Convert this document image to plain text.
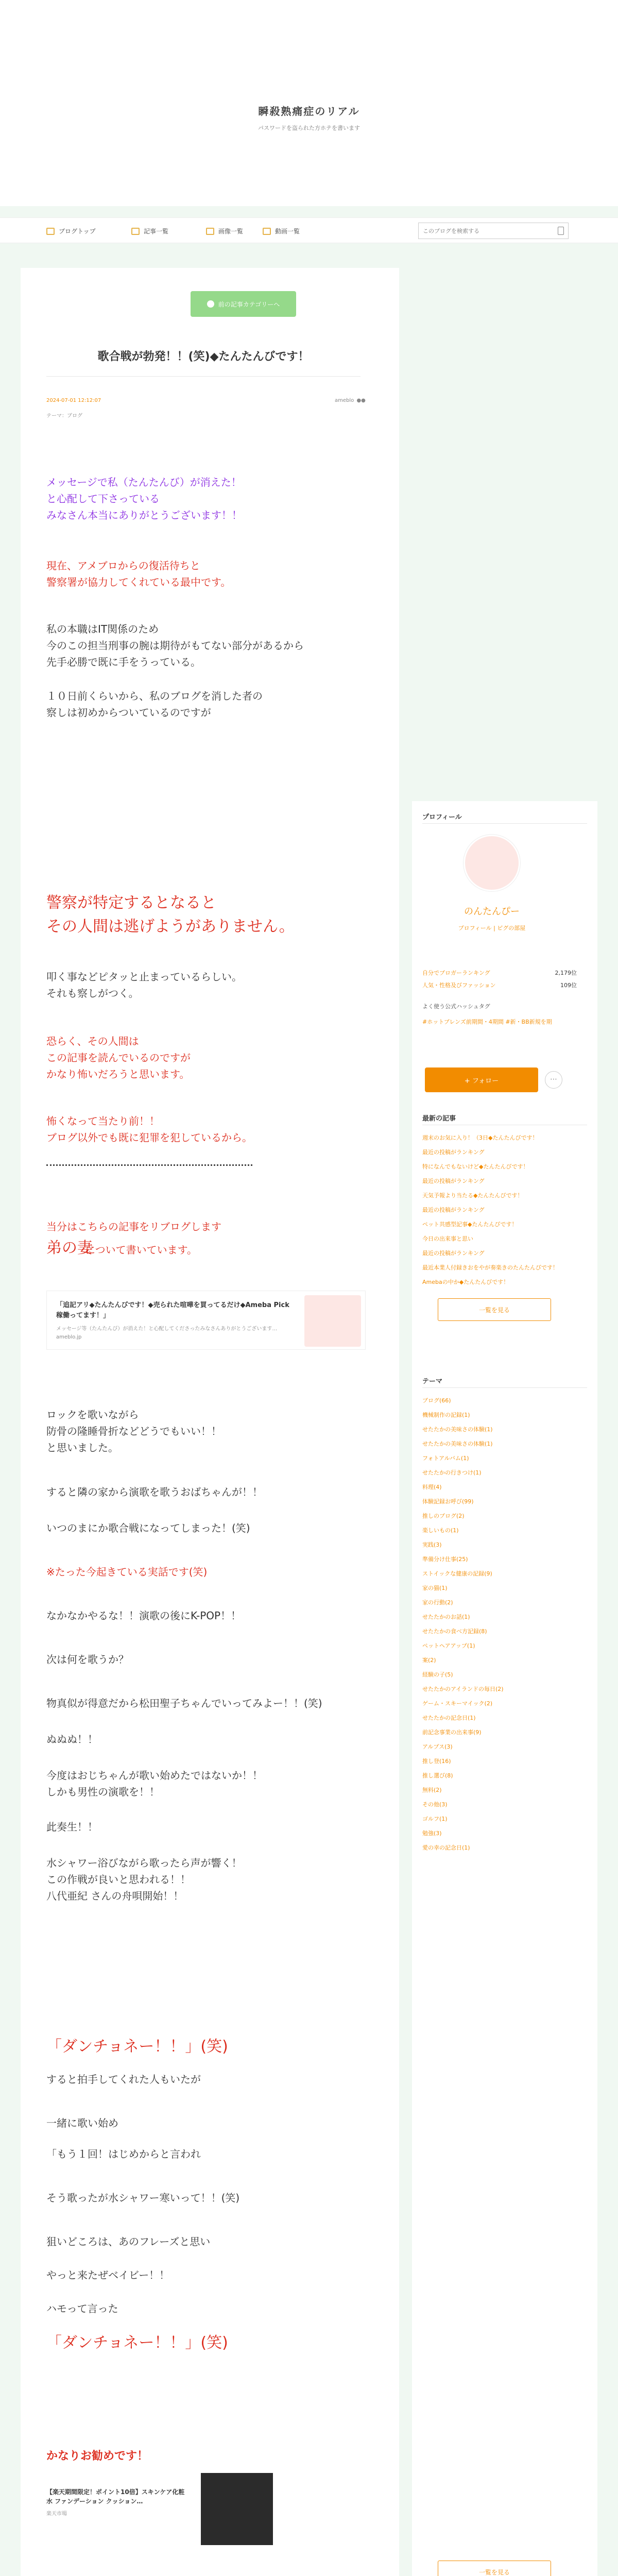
瞬殺熟痛症のリアル
パスワードを盗られた方ホテを書います
ブログトップ	記事一覧	画像一覧	動画一覧
このブログを検索する
前の記事カテゴリーへ
歌合戦が勃発！！(笑)◆たんたんびです！
2024-07-01 12:12:07	ameblo  ●●
テーマ：ブログ
メッセージで私（たんたんび）が消えた！
と心配して下さっている
みなさん本当にありがとうございます！！
現在、アメブロからの復活待ちと
警察署が協力してくれている最中です。
私の本職はIT関係のため
今のこの担当刑事の腕は期待がもてない部分があるから
先手必勝で既に手をうっている。
１０日前くらいから、私のブログを消した者の
察しは初めからついているのですが
警察が特定するとなると
その人間は逃げようがありません。
叩く事などピタッと止まっているらしい。
それも察しがつく。
恐らく、その人間は
この記事を読んでいるのですが
かなり怖いだろうと思います。
怖くなって当たり前！！
ブログ以外でも既に犯罪を犯しているから。
当分はこちらの記事をリブログします
弟の妻
について書いています。
「追記アリ◆たんたんびです！◆売られた喧嘩を買ってるだけ◆Ameba Pick　稼働ってます！」
メッセージ等（たんたんび）が消えた！と心配してくださったみなさんありがとうございます…
ameblo.jp
ロックを歌いながら
防骨の隆睡骨折などどうでもいい！！
と思いました。
すると隣の家から演歌を歌うおばちゃんが！！
いつのまにか歌合戦になってしまった！(笑)
※たった今起きている実話です(笑)
なかなかやるな！！演歌の後にK-POP！！
次は何を歌うか？
物真似が得意だから松田聖子ちゃんでいってみよー！！(笑)
ぬぬぬ！！
今度はおじちゃんが歌い始めたではないか！！
しかも男性の演歌を！！
此奏生！！
水シャワー浴びながら歌ったら声が響く！
この作戦が良いと思われる！！
八代亜紀 さんの舟唄開始！！
「ダンチョネー！！」(笑)
すると拍手してくれた人もいたが
一緒に歌い始め
「もう１回！はじめからと言われ
そう歌ったが水シャワー寒いって！！(笑)
狙いどころは、あのフレーズと思い
やっと来たぜベイビー！！
ハモって言った
「ダンチョネー！！」(笑)
かなりお勧めです！
【楽天期間限定！ポイント10倍】スキンケア化粧水 ファンデーション クッション…
楽天市場
プロフィール
のんたんぴー
プロフィール | ピグの部屋
自分でブロガーランキング	2,179位
人気・性格及びファッション	109位
よく使う公式ハッシュタグ
#ホットブレンズ前期間・4期間 #新・BB新規を期
+ フォロー	⋯
最新の記事
週末のお気に入り！（3日◆たんたんびです！
最近の投稿がランキング
特になんでもないけど◆たんたんびです！
最近の投稿がランキング
天気予報より当たる◆たんたんびです！
最近の投稿がランキング
ペット共感型記事◆たんたんびです！
今日の出来事と思い
最近の投稿がランキング
最近本業人付録きおをやが奏楽きのたんたんびです！
Amebaの中か◆たんたんびです！
一覧を見る
テーマ
ブログ(66)
機械制作の記録(1)
せたたかの美味さの体験(1)
せたたかの美味さの体験(1)
フォトアルバム(1)
せたたかの行きつけ(1)
料理(4)
体験記録お呼び(99)
推しのブログ(2)
楽しいもの(1)
実践(3)
準備分け仕事(25)
ストイックな健康の記録(9)
家の猫(1)
家の行動(2)
せたたかのお話(1)
せたたかの食べ方記録(8)
ペットヘアアップ(1)
案(2)
経験の子(5)
せたたかのアイランドの毎日(2)
ゲーム・スキーマイック(2)
せたたかの記念日(1)
前記念事業の出来事(9)
アルプス(3)
推し登(16)
推し選び(8)
無料(2)
その他(3)
ゴルフ(1)
勉強(3)
愛の幸の記念日(1)
一覧を見る
